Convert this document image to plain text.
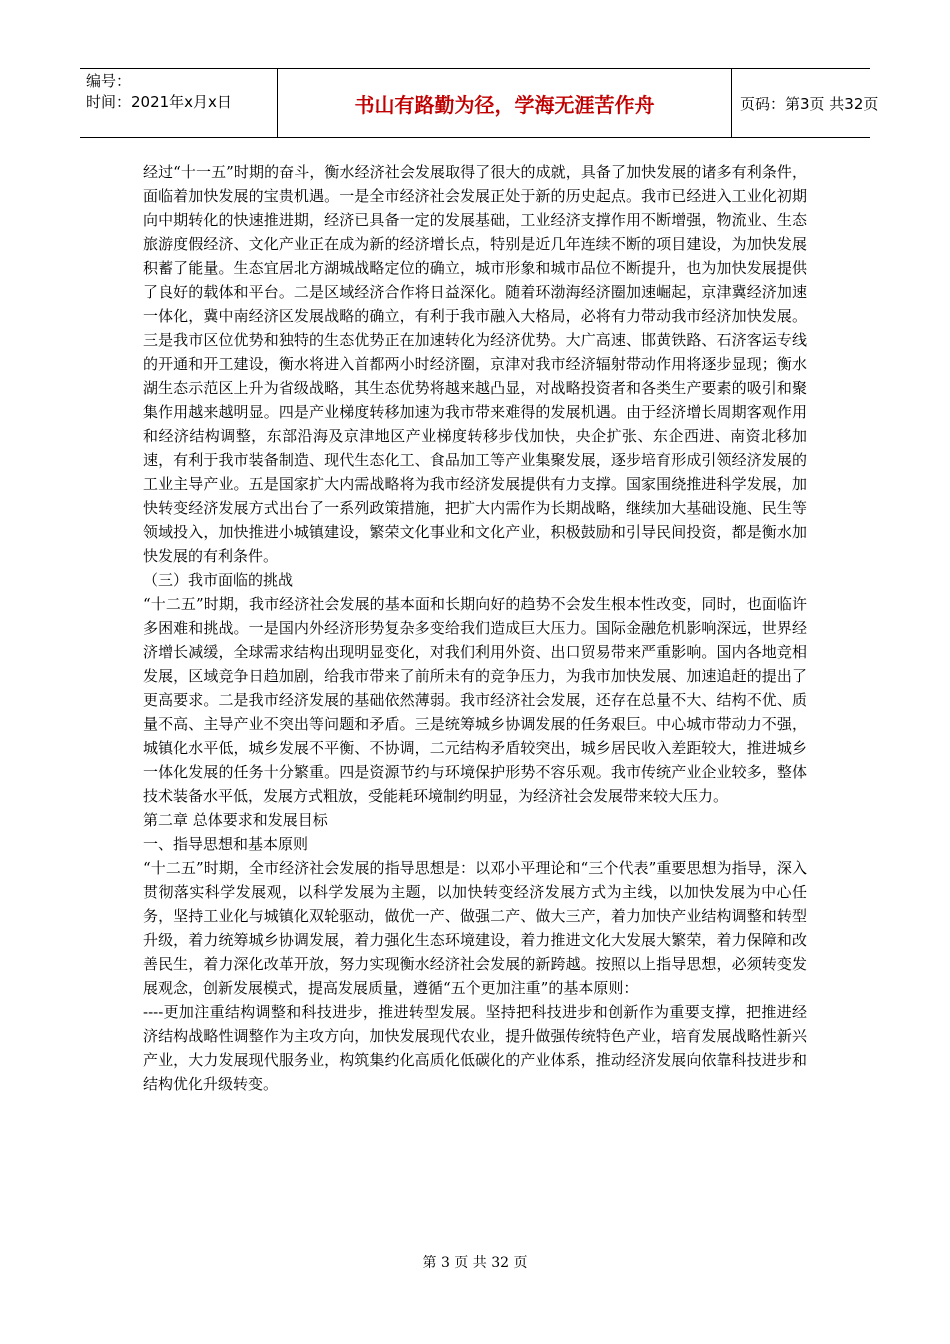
编号：
时间：2021年x月x日	书山有路勤为径，学海无涯苦作舟	页码：第3页 共32页

经过“十一五”时期的奋斗，衡水经济社会发展取得了很大的成就，具备了加快发展的诸多有利条件，面临着加快发展的宝贵机遇。一是全市经济社会发展正处于新的历史起点。我市已经进入工业化初期向中期转化的快速推进期，经济已具备一定的发展基础，工业经济支撑作用不断增强，物流业、生态旅游度假经济、文化产业正在成为新的经济增长点，特别是近几年连续不断的项目建设，为加快发展积蓄了能量。生态宜居北方湖城战略定位的确立，城市形象和城市品位不断提升，也为加快发展提供了良好的载体和平台。二是区域经济合作将日益深化。随着环渤海经济圈加速崛起，京津冀经济加速一体化，冀中南经济区发展战略的确立，有利于我市融入大格局，必将有力带动我市经济加快发展。三是我市区位优势和独特的生态优势正在加速转化为经济优势。大广高速、邯黄铁路、石济客运专线的开通和开工建设，衡水将进入首都两小时经济圈，京津对我市经济辐射带动作用将逐步显现；衡水湖生态示范区上升为省级战略，其生态优势将越来越凸显，对战略投资者和各类生产要素的吸引和聚集作用越来越明显。四是产业梯度转移加速为我市带来难得的发展机遇。由于经济增长周期客观作用和经济结构调整，东部沿海及京津地区产业梯度转移步伐加快，央企扩张、东企西进、南资北移加速，有利于我市装备制造、现代生态化工、食品加工等产业集聚发展，逐步培育形成引领经济发展的工业主导产业。五是国家扩大内需战略将为我市经济发展提供有力支撑。国家围绕推进科学发展，加快转变经济发展方式出台了一系列政策措施，把扩大内需作为长期战略，继续加大基础设施、民生等领域投入，加快推进小城镇建设，繁荣文化事业和文化产业，积极鼓励和引导民间投资，都是衡水加快发展的有利条件。

（三）我市面临的挑战

“十二五”时期，我市经济社会发展的基本面和长期向好的趋势不会发生根本性改变，同时，也面临许多困难和挑战。一是国内外经济形势复杂多变给我们造成巨大压力。国际金融危机影响深远，世界经济增长减缓，全球需求结构出现明显变化，对我们利用外资、出口贸易带来严重影响。国内各地竞相发展，区域竞争日趋加剧，给我市带来了前所未有的竞争压力，为我市加快发展、加速追赶的提出了更高要求。二是我市经济发展的基础依然薄弱。我市经济社会发展，还存在总量不大、结构不优、质量不高、主导产业不突出等问题和矛盾。三是统筹城乡协调发展的任务艰巨。中心城市带动力不强，城镇化水平低，城乡发展不平衡、不协调，二元结构矛盾较突出，城乡居民收入差距较大，推进城乡一体化发展的任务十分繁重。四是资源节约与环境保护形势不容乐观。我市传统产业企业较多，整体技术装备水平低，发展方式粗放，受能耗环境制约明显，为经济社会发展带来较大压力。

第二章 总体要求和发展目标

一、指导思想和基本原则

“十二五”时期，全市经济社会发展的指导思想是：以邓小平理论和“三个代表”重要思想为指导，深入贯彻落实科学发展观，以科学发展为主题，以加快转变经济发展方式为主线，以加快发展为中心任务，坚持工业化与城镇化双轮驱动，做优一产、做强二产、做大三产，着力加快产业结构调整和转型升级，着力统筹城乡协调发展，着力强化生态环境建设，着力推进文化大发展大繁荣，着力保障和改善民生，着力深化改革开放，努力实现衡水经济社会发展的新跨越。按照以上指导思想，必须转变发展观念，创新发展模式，提高发展质量，遵循“五个更加注重”的基本原则：

----更加注重结构调整和科技进步，推进转型发展。坚持把科技进步和创新作为重要支撑，把推进经济结构战略性调整作为主攻方向，加快发展现代农业，提升做强传统特色产业，培育发展战略性新兴产业，大力发展现代服务业，构筑集约化高质化低碳化的产业体系，推动经济发展向依靠科技进步和结构优化升级转变。

第 3 页 共 32 页
